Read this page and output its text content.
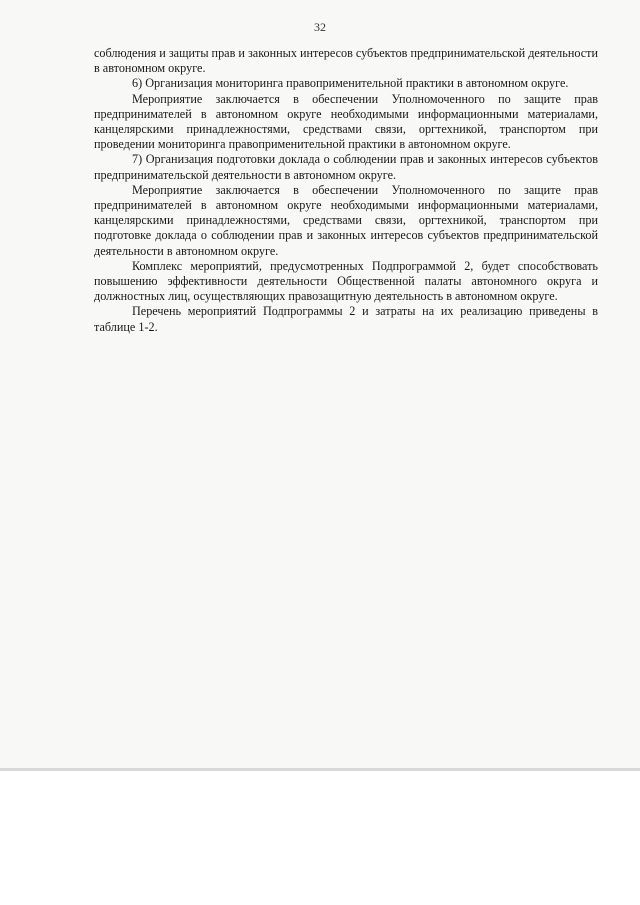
32

соблюдения и защиты прав и законных интересов субъектов предпринимательской деятельности в автономном округе.

6) Организация мониторинга правоприменительной практики в автономном округе.

Мероприятие заключается в обеспечении Уполномоченного по защите прав предпринимателей в автономном округе необходимыми информационными материалами, канцелярскими принадлежностями, средствами связи, оргтехникой, транспортом при проведении мониторинга правоприменительной практики в автономном округе.

7) Организация подготовки доклада о соблюдении прав и законных интересов субъектов предпринимательской деятельности в автономном округе.

Мероприятие заключается в обеспечении Уполномоченного по защите прав предпринимателей в автономном округе необходимыми информационными материалами, канцелярскими принадлежностями, средствами связи, оргтехникой, транспортом при подготовке доклада о соблюдении прав и законных интересов субъектов предпринимательской деятельности в автономном округе.

Комплекс мероприятий, предусмотренных Подпрограммой 2, будет способствовать повышению эффективности деятельности Общественной палаты автономного округа и должностных лиц, осуществляющих правозащитную деятельность в автономном округе.

Перечень мероприятий Подпрограммы 2 и затраты на их реализацию приведены в таблице 1-2.
